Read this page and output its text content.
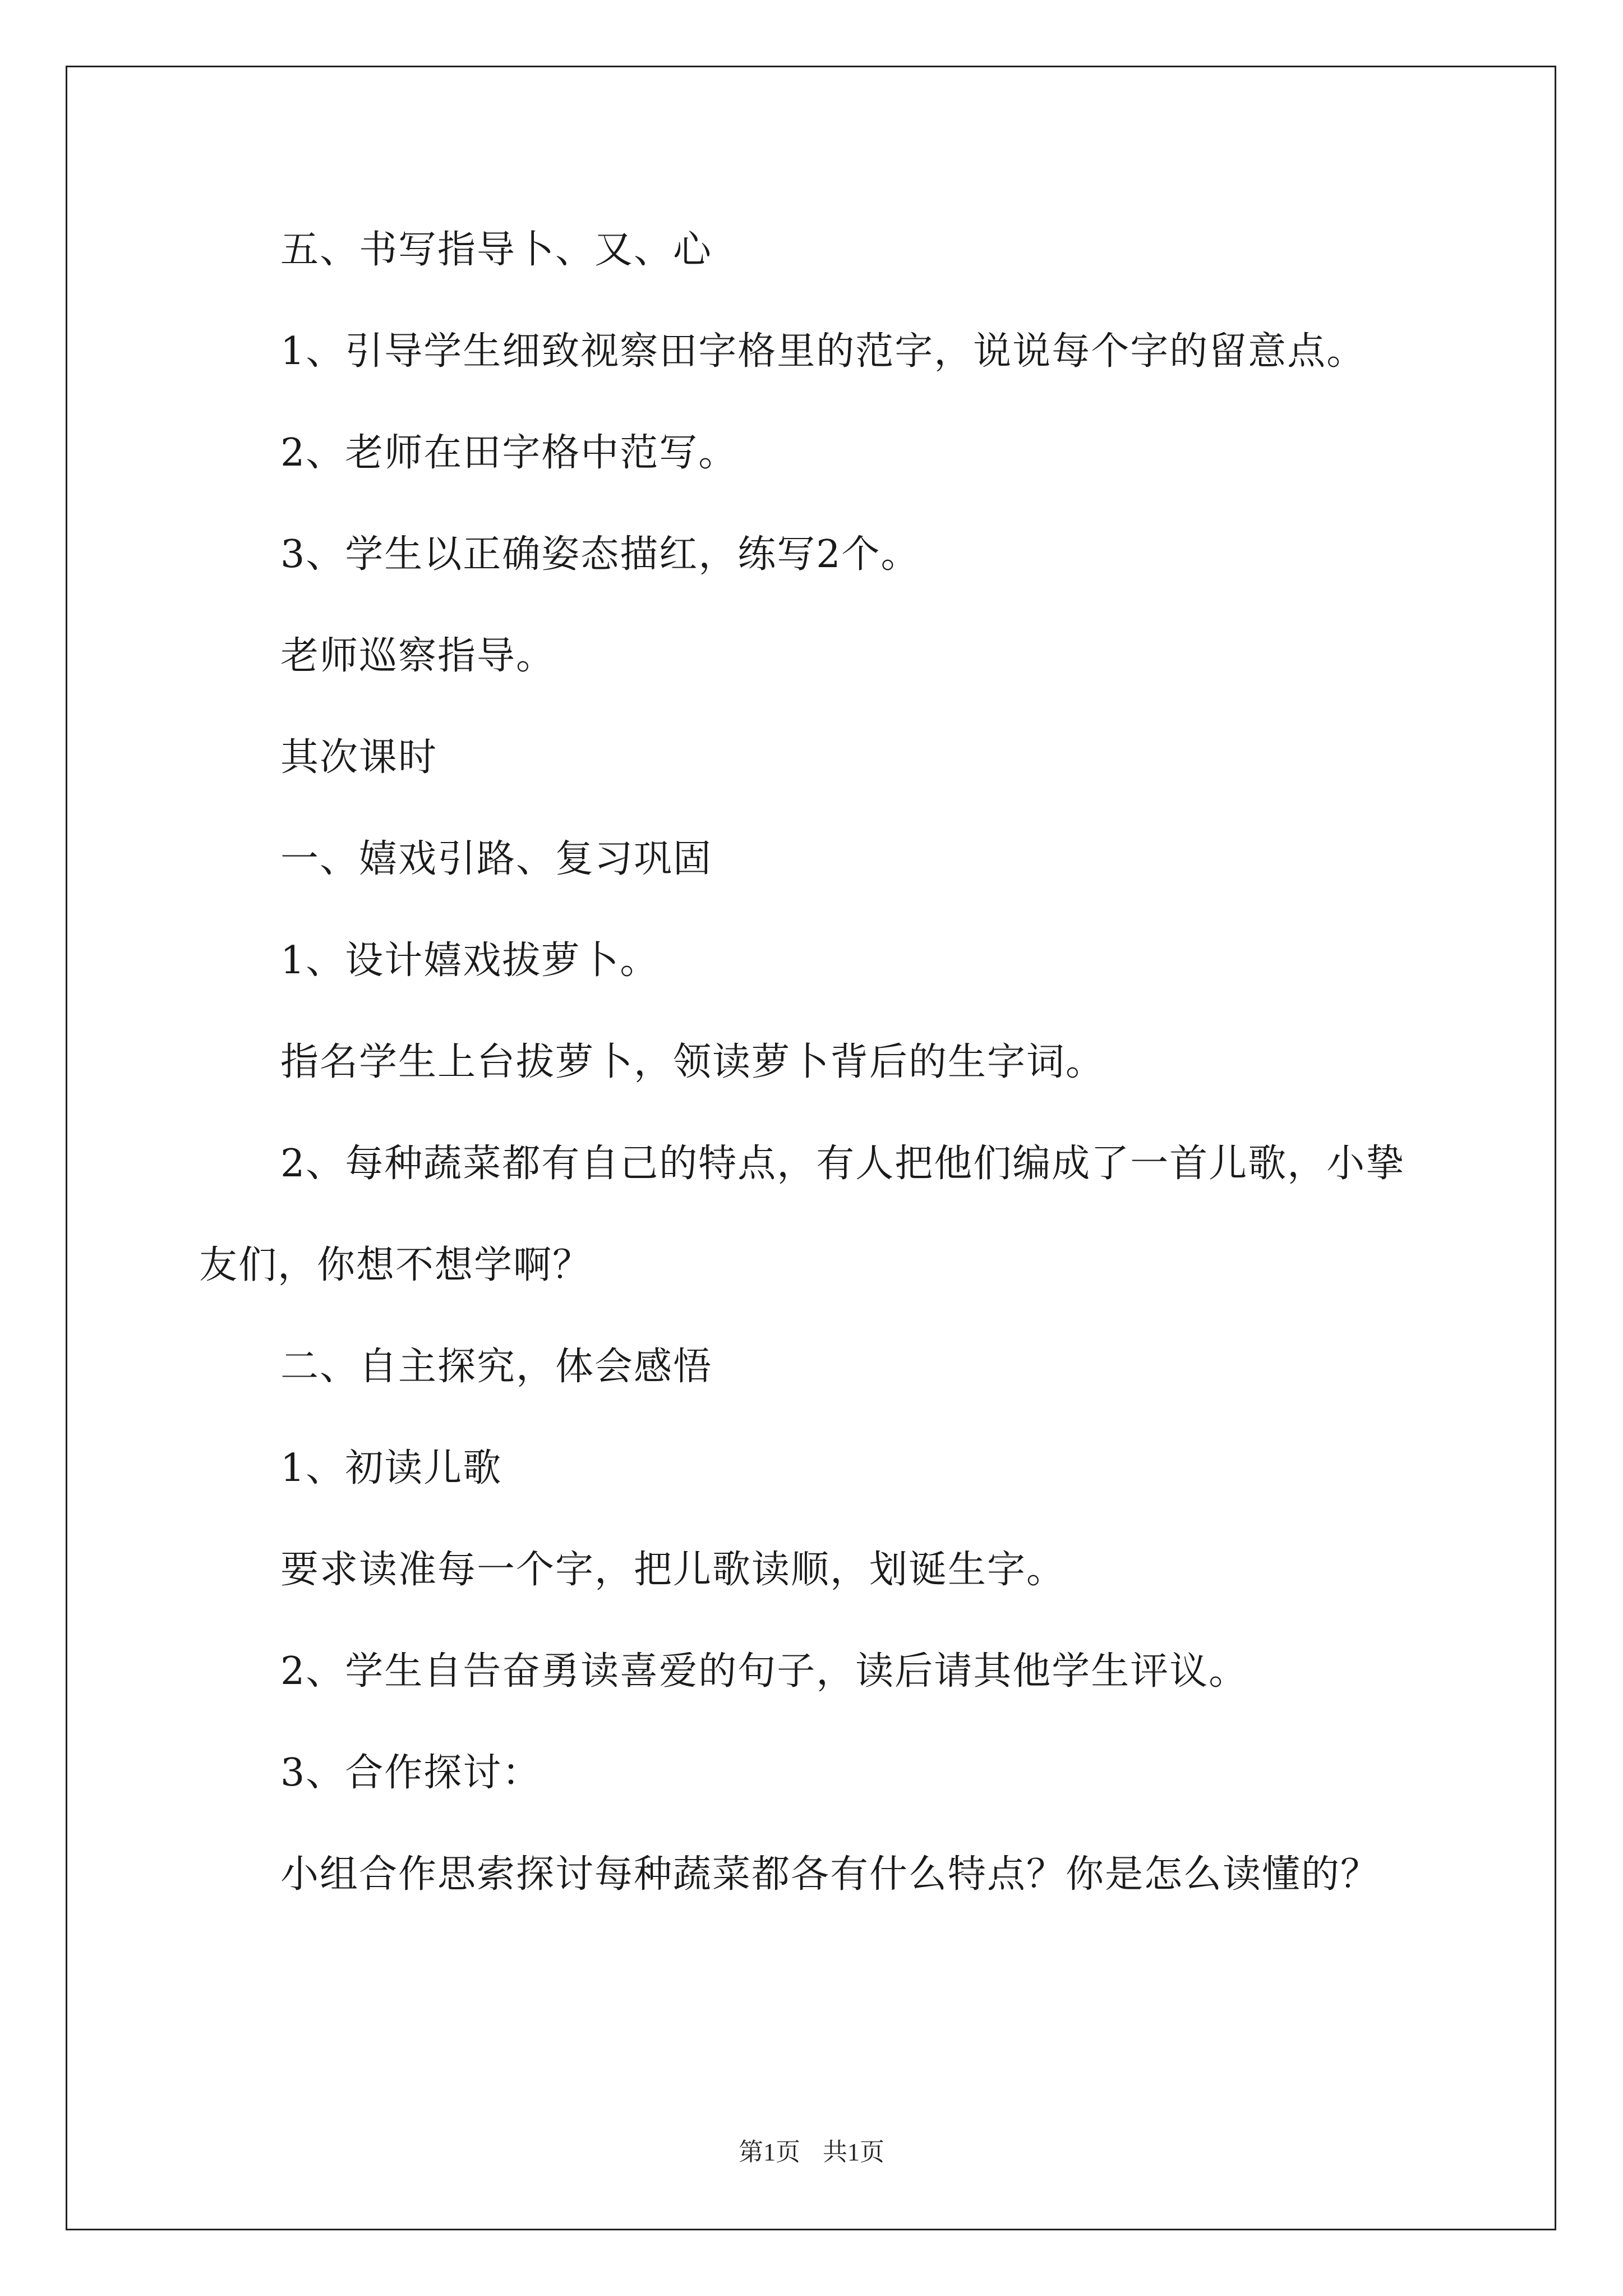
五、书写指导卜、又、心

1、引导学生细致视察田字格里的范字，说说每个字的留意点。

2、老师在田字格中范写。

3、学生以正确姿态描红，练写2个。

老师巡察指导。

其次课时

一、嬉戏引路、复习巩固

1、设计嬉戏拔萝卜。

指名学生上台拔萝卜，领读萝卜背后的生字词。

2、每种蔬菜都有自己的特点，有人把他们编成了一首儿歌，小挚

友们，你想不想学啊？

二、自主探究，体会感悟

1、初读儿歌

要求读准每一个字，把儿歌读顺，划诞生字。

2、学生自告奋勇读喜爱的句子，读后请其他学生评议。

3、合作探讨：

小组合作思索探讨每种蔬菜都各有什么特点？你是怎么读懂的？

第1页 共1页
